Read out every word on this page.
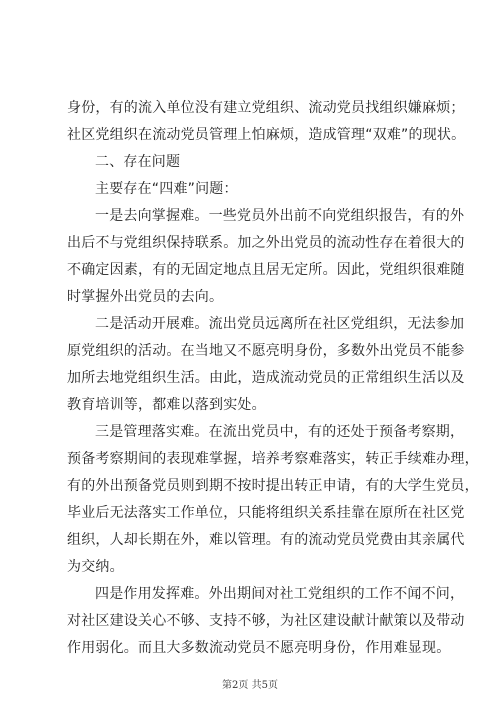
身份，有的流入单位没有建立党组织、流动党员找组织嫌麻烦；
社区党组织在流动党员管理上怕麻烦，造成管理“双难”的现状。
二、存在问题
主要存在“四难”问题：
一是去向掌握难。一些党员外出前不向党组织报告，有的外
出后不与党组织保持联系。加之外出党员的流动性存在着很大的
不确定因素，有的无固定地点且居无定所。因此，党组织很难随
时掌握外出党员的去向。
二是活动开展难。流出党员远离所在社区党组织，无法参加
原党组织的活动。在当地又不愿亮明身份，多数外出党员不能参
加所去地党组织生活。由此，造成流动党员的正常组织生活以及
教育培训等，都难以落到实处。
三是管理落实难。在流出党员中，有的还处于预备考察期，
预备考察期间的表现难掌握，培养考察难落实，转正手续难办理，
有的外出预备党员则到期不按时提出转正申请，有的大学生党员，
毕业后无法落实工作单位，只能将组织关系挂靠在原所在社区党
组织，人却长期在外，难以管理。有的流动党员党费由其亲属代
为交纳。
四是作用发挥难。外出期间对社工党组织的工作不闻不问，
对社区建设关心不够、支持不够，为社区建设献计献策以及带动
作用弱化。而且大多数流动党员不愿亮明身份，作用难显现。
第2页 共5页
